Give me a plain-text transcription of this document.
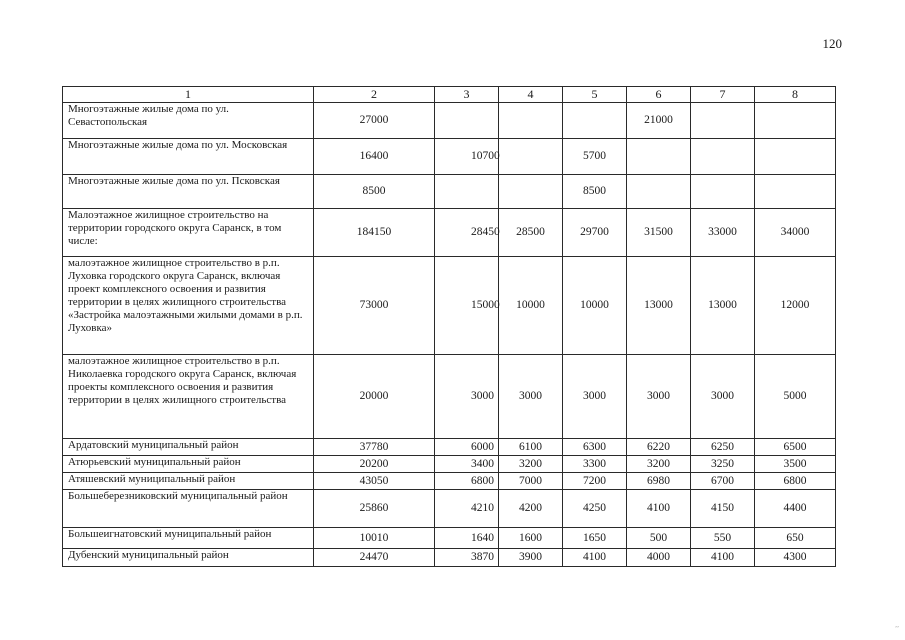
120
1	2	3	4	5	6	7	8
Многоэтажные жилые дома по ул. Севастопольская	27000				21000		
Многоэтажные жилые дома по ул. Московская	16400	10700		5700			
Многоэтажные жилые дома по ул. Псковская	8500			8500			
Малоэтажное жилищное строительство на территории городского округа Саранск, в том числе:	184150	28450	28500	29700	31500	33000	34000
малоэтажное жилищное строительство в р.п. Луховка городского округа Саранск, включая проект комплексного освоения и развития территории в целях жилищного строительства «Застройка малоэтажными жилыми домами в р.п. Луховка»	73000	15000	10000	10000	13000	13000	12000
малоэтажное жилищное строительство в р.п. Николаевка городского округа Саранск, включая проекты комплексного освоения и развития территории в целях жилищного строительства	20000	3000	3000	3000	3000	3000	5000
Ардатовский муниципальный район	37780	6000	6100	6300	6220	6250	6500
Атюрьевский муниципальный район	20200	3400	3200	3300	3200	3250	3500
Атяшевский муниципальный район	43050	6800	7000	7200	6980	6700	6800
Большеберезниковский муниципальный район	25860	4210	4200	4250	4100	4150	4400
Большеигнатовский муниципальный район	10010	1640	1600	1650	500	550	650
Дубенский муниципальный район	24470	3870	3900	4100	4000	4100	4300
ʼʼ
